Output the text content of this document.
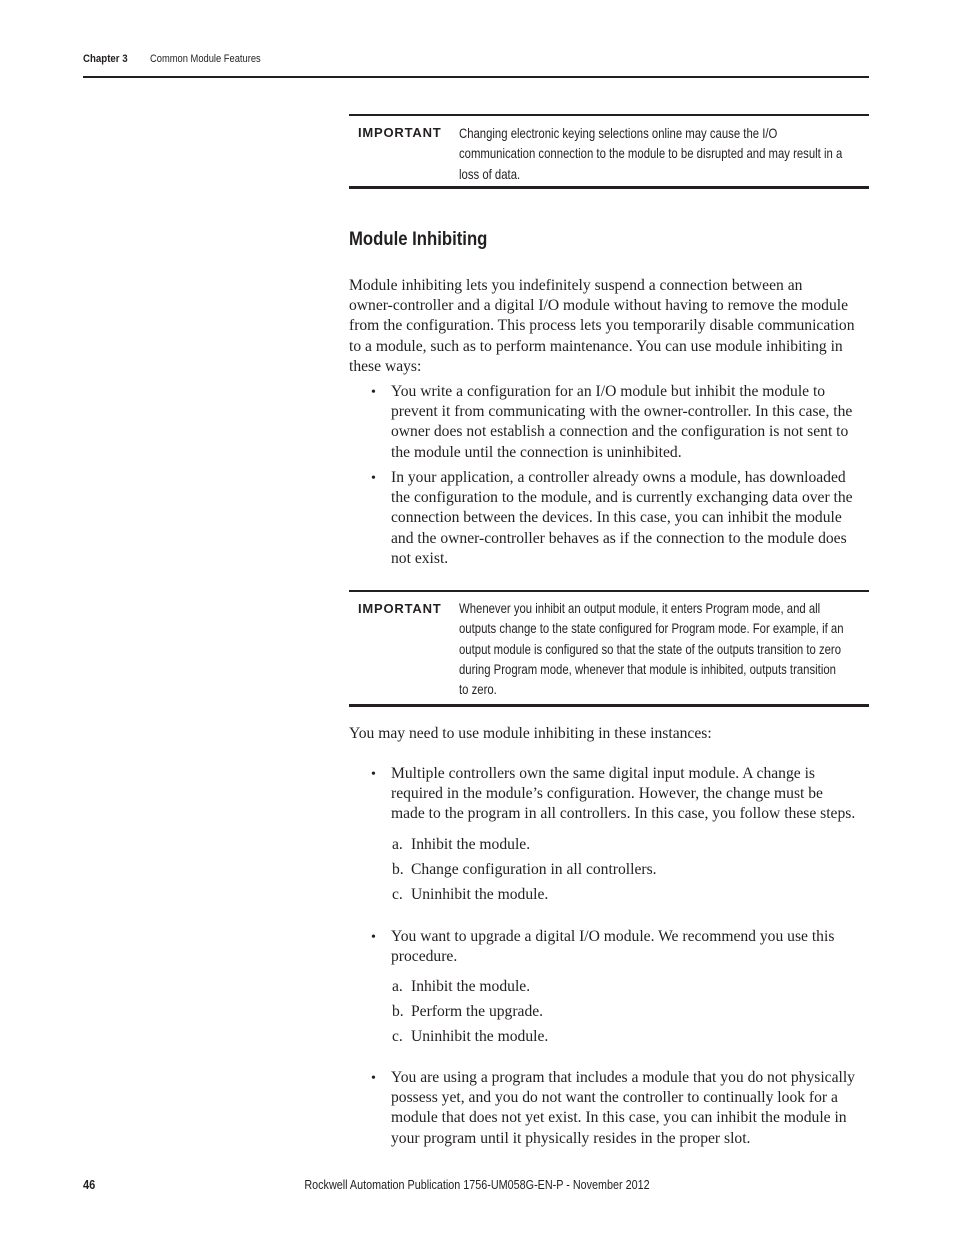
Chapter 3 Common Module Features
IMPORTANT Changing electronic keying selections online may cause the I/O
communication connection to the module to be disrupted and may result in a
loss of data.
Module Inhibiting
Module inhibiting lets you indefinitely suspend a connection between an
owner-controller and a digital I/O module without having to remove the module
from the configuration. This process lets you temporarily disable communication
to a module, such as to perform maintenance. You can use module inhibiting in
these ways:
• You write a configuration for an I/O module but inhibit the module to
prevent it from communicating with the owner-controller. In this case, the
owner does not establish a connection and the configuration is not sent to
the module until the connection is uninhibited.
• In your application, a controller already owns a module, has downloaded
the configuration to the module, and is currently exchanging data over the
connection between the devices. In this case, you can inhibit the module
and the owner-controller behaves as if the connection to the module does
not exist.
IMPORTANT Whenever you inhibit an output module, it enters Program mode, and all
outputs change to the state configured for Program mode. For example, if an
output module is configured so that the state of the outputs transition to zero
during Program mode, whenever that module is inhibited, outputs transition
to zero.
You may need to use module inhibiting in these instances:
• Multiple controllers own the same digital input module. A change is
required in the module’s configuration. However, the change must be
made to the program in all controllers. In this case, you follow these steps.
a. Inhibit the module.
b. Change configuration in all controllers.
c. Uninhibit the module.
• You want to upgrade a digital I/O module. We recommend you use this
procedure.
a. Inhibit the module.
b. Perform the upgrade.
c. Uninhibit the module.
• You are using a program that includes a module that you do not physically
possess yet, and you do not want the controller to continually look for a
module that does not yet exist. In this case, you can inhibit the module in
your program until it physically resides in the proper slot.
46	Rockwell Automation Publication 1756-UM058G-EN-P - November 2012
